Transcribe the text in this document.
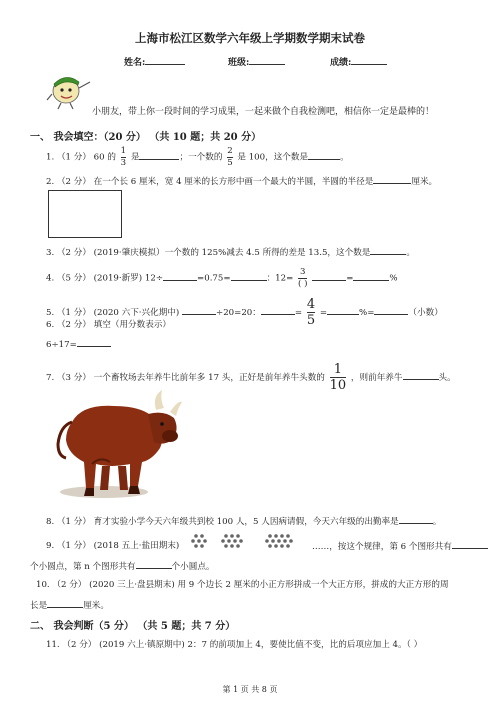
上海市松江区数学六年级上学期数学期末试卷
姓名:	班级:	成绩:
小朋友，带上你一段时间的学习成果，一起来做个自我检测吧，相信你一定是最棒的！
一、 我会填空：（20 分） （共 10 题；共 20 分）
1. （1 分） 60 的 $\frac{1}{3}$ 是	；一个数的 $\frac{2}{5}$ 是 100，这个数是	。
2. （2 分） 在一个长 6 厘米，宽 4 厘米的长方形中画一个最大的半圆，半圆的半径是	厘米。
3. （2 分） (2019·肇庆模拟）一个数的 125%减去 4.5 所得的差是 13.5，这个数是	。
4. （5 分） (2019·新罗) 12÷	=0.75=	：$12= \frac{3}{( )}$	=	%
5. （1 分） (2020 六下·兴化期中)	÷20=20：	= $\frac{4}{5}$ =	%=	（小数）
6. （2 分） 填空（用分数表示）
6÷17=
7. （3 分） 一个畜牧场去年养牛比前年多 17 头，正好是前年养牛头数的 $\frac{1}{10}$ ，则前年养牛	头。
8. （1 分） 育才实验小学今天六年级共到校 100 人，5 人因病请假，今天六年级的出勤率是	。
9. （1 分） (2018 五上·盐田期末)	……，按这个规律，第 6 个图形共有
个小圆点，第 n 个图形共有	个小圆点。
10. （2 分） (2020 三上·盘县期末) 用 9 个边长 2 厘米的小正方形拼成一个大正方形，拼成的大正方形的周
长是	厘米。
二、 我会判断（5 分） （共 5 题；共 7 分）
11. （2 分） (2019 六上·镇原期中) 2：7 的前项加上 4，要使比值不变，比的后项应加上 4。（ ）
第 1 页 共 8 页
